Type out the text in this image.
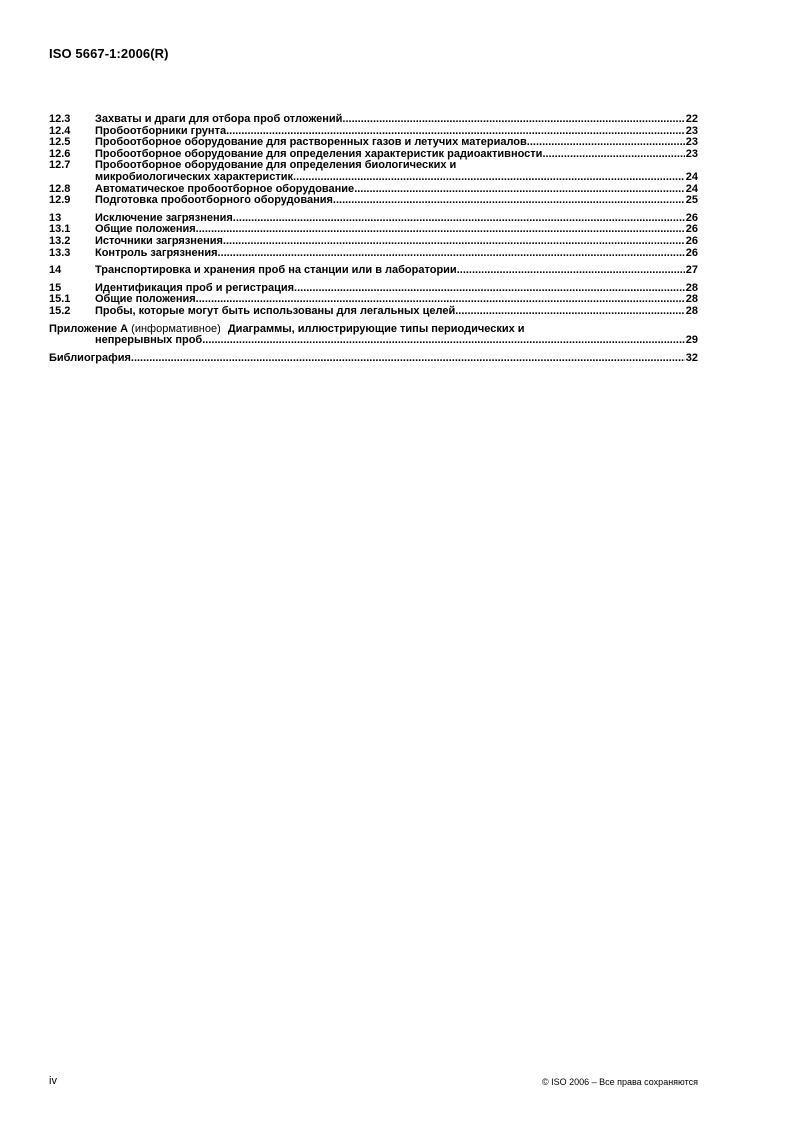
ISO 5667-1:2006(R)
12.3	Захваты и драги для отбора проб отложений .....	22
12.4	Пробоотборники грунта .....	23
12.5	Пробоотборное оборудование для растворенных газов и летучих материалов .....	23
12.6	Пробоотборное оборудование для определения характеристик радиоактивности .....	23
12.7	Пробоотборное оборудование для определения биологических и
микробиологических характеристик .....	24
12.8	Автоматическое пробоотборное оборудование .....	24
12.9	Подготовка пробоотборного оборудования .....	25
13	Исключение загрязнения .....	26
13.1	Общие положения .....	26
13.2	Источники загрязнения .....	26
13.3	Контроль загрязнения .....	26
14	Транспортировка и хранения проб на станции или в лаборатории .....	27
15	Идентификация проб и регистрация .....	28
15.1	Общие положения .....	28
15.2	Пробы, которые могут быть использованы для легальных целей .....	28
Приложение А (информативное) Диаграммы, иллюстрирующие типы периодических и
непрерывных проб .....	29
Библиография .....	32
iv	© ISO 2006 – Все права сохраняются
